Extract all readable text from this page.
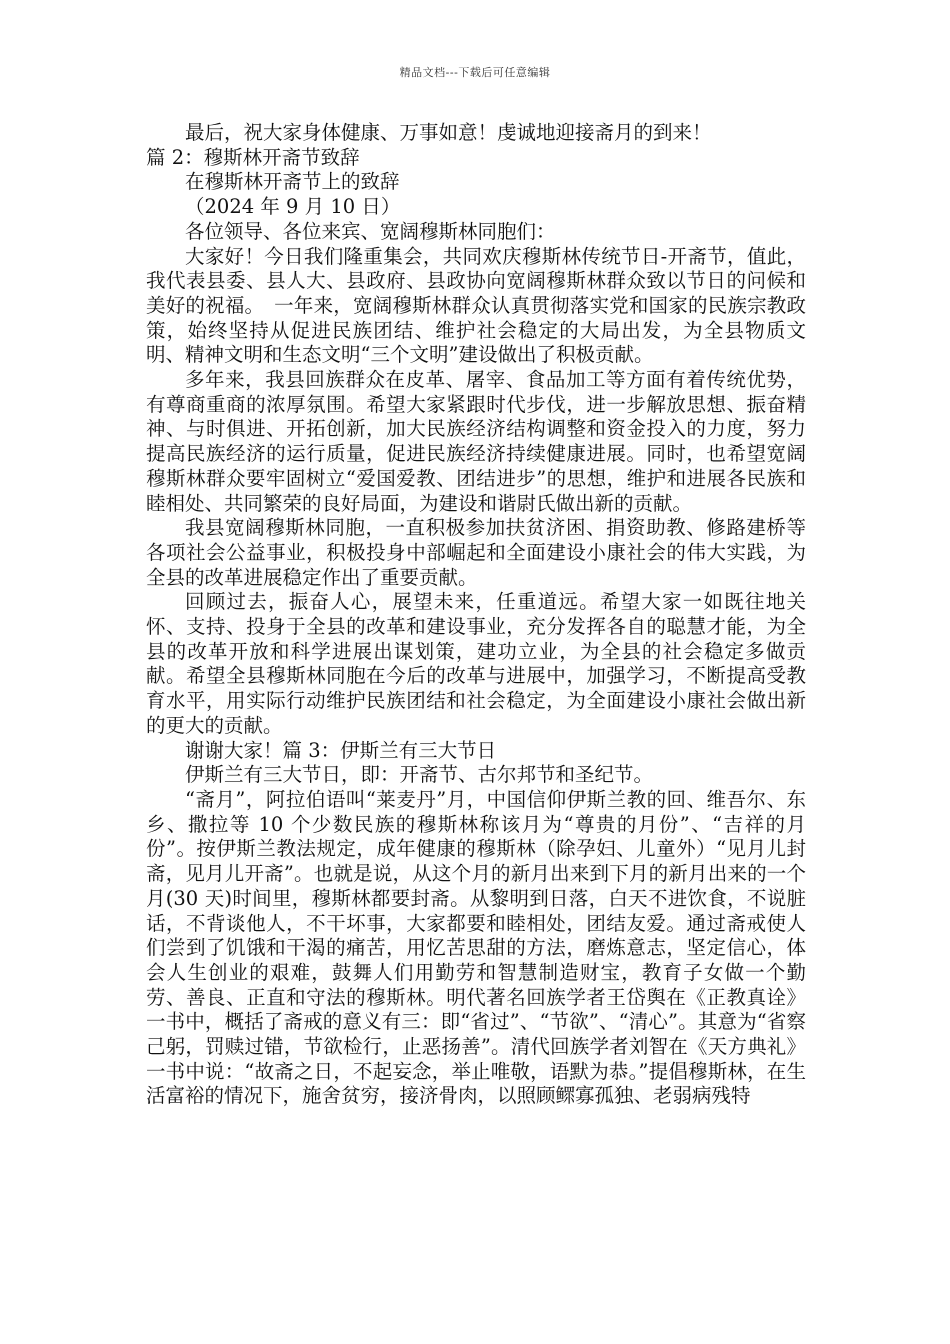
精品文档---下载后可任意编辑

最后，祝大家身体健康、万事如意！虔诚地迎接斋月的到来！

篇 2：穆斯林开斋节致辞

在穆斯林开斋节上的致辞

（2024 年 9 月 10 日）

各位领导、各位来宾、宽阔穆斯林同胞们：

大家好！今日我们隆重集会，共同欢庆穆斯林传统节日-开斋节，值此，我代表县委、县人大、县政府、县政协向宽阔穆斯林群众致以节日的问候和美好的祝福。　一年来，宽阔穆斯林群众认真贯彻落实党和国家的民族宗教政策，始终坚持从促进民族团结、维护社会稳定的大局出发，为全县物质文明、精神文明和生态文明“三个文明”建设做出了积极贡献。

多年来，我县回族群众在皮革、屠宰、食品加工等方面有着传统优势，有尊商重商的浓厚氛围。希望大家紧跟时代步伐，进一步解放思想、振奋精神、与时俱进、开拓创新，加大民族经济结构调整和资金投入的力度，努力提高民族经济的运行质量，促进民族经济持续健康进展。同时，也希望宽阔穆斯林群众要牢固树立“爱国爱教、团结进步”的思想，维护和进展各民族和睦相处、共同繁荣的良好局面，为建设和谐尉氏做出新的贡献。

我县宽阔穆斯林同胞，一直积极参加扶贫济困、捐资助教、修路建桥等各项社会公益事业，积极投身中部崛起和全面建设小康社会的伟大实践，为全县的改革进展稳定作出了重要贡献。

回顾过去，振奋人心，展望未来，任重道远。希望大家一如既往地关怀、支持、投身于全县的改革和建设事业，充分发挥各自的聪慧才能，为全县的改革开放和科学进展出谋划策，建功立业，为全县的社会稳定多做贡献。希望全县穆斯林同胞在今后的改革与进展中，加强学习，不断提高受教育水平，用实际行动维护民族团结和社会稳定，为全面建设小康社会做出新的更大的贡献。

谢谢大家！篇 3：伊斯兰有三大节日

伊斯兰有三大节日，即：开斋节、古尔邦节和圣纪节。

“斋月”，阿拉伯语叫“莱麦丹”月，中国信仰伊斯兰教的回、维吾尔、东乡、撒拉等 10 个少数民族的穆斯林称该月为“尊贵的月份”、“吉祥的月份”。按伊斯兰教法规定，成年健康的穆斯林（除孕妇、儿童外）“见月儿封斋，见月儿开斋”。也就是说，从这个月的新月出来到下月的新月出来的一个月(30 天)时间里，穆斯林都要封斋。从黎明到日落，白天不进饮食，不说脏话，不背谈他人，不干坏事，大家都要和睦相处，团结友爱。通过斋戒使人们尝到了饥饿和干渴的痛苦，用忆苦思甜的方法，磨炼意志，坚定信心，体会人生创业的艰难，鼓舞人们用勤劳和智慧制造财宝，教育子女做一个勤劳、善良、正直和守法的穆斯林。明代著名回族学者王岱舆在《正教真诠》一书中，概括了斋戒的意义有三：即“省过”、“节欲”、“清心”。其意为“省察己躬，罚赎过错，节欲检行，止恶扬善”。清代回族学者刘智在《天方典礼》一书中说：“故斋之日，不起妄念，举止唯敬，语默为恭。”提倡穆斯林，在生活富裕的情况下，施舍贫穷，接济骨肉，以照顾鳏寡孤独、老弱病残特
